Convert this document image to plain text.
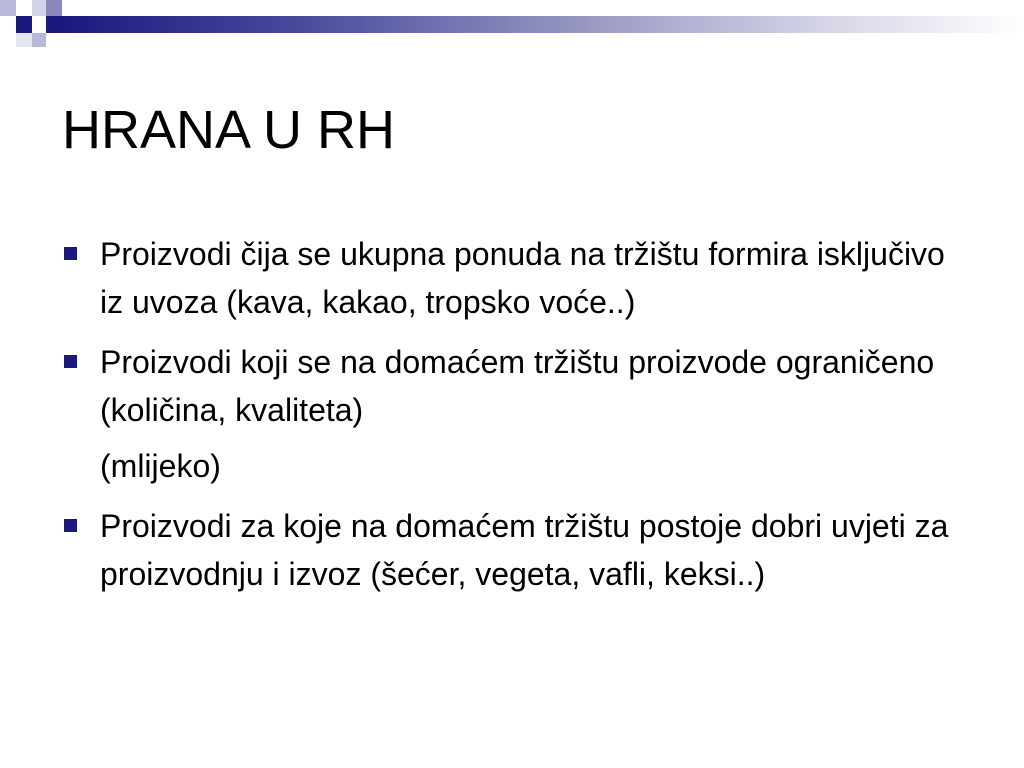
HRANA U RH
Proizvodi čija se ukupna ponuda na tržištu formira isključivo iz uvoza (kava, kakao, tropsko voće..)
Proizvodi koji se na domaćem tržištu proizvode ograničeno (količina, kvaliteta)
(mlijeko)
Proizvodi za koje na domaćem tržištu postoje dobri uvjeti za proizvodnju i izvoz (šećer, vegeta, vafli, keksi..)
